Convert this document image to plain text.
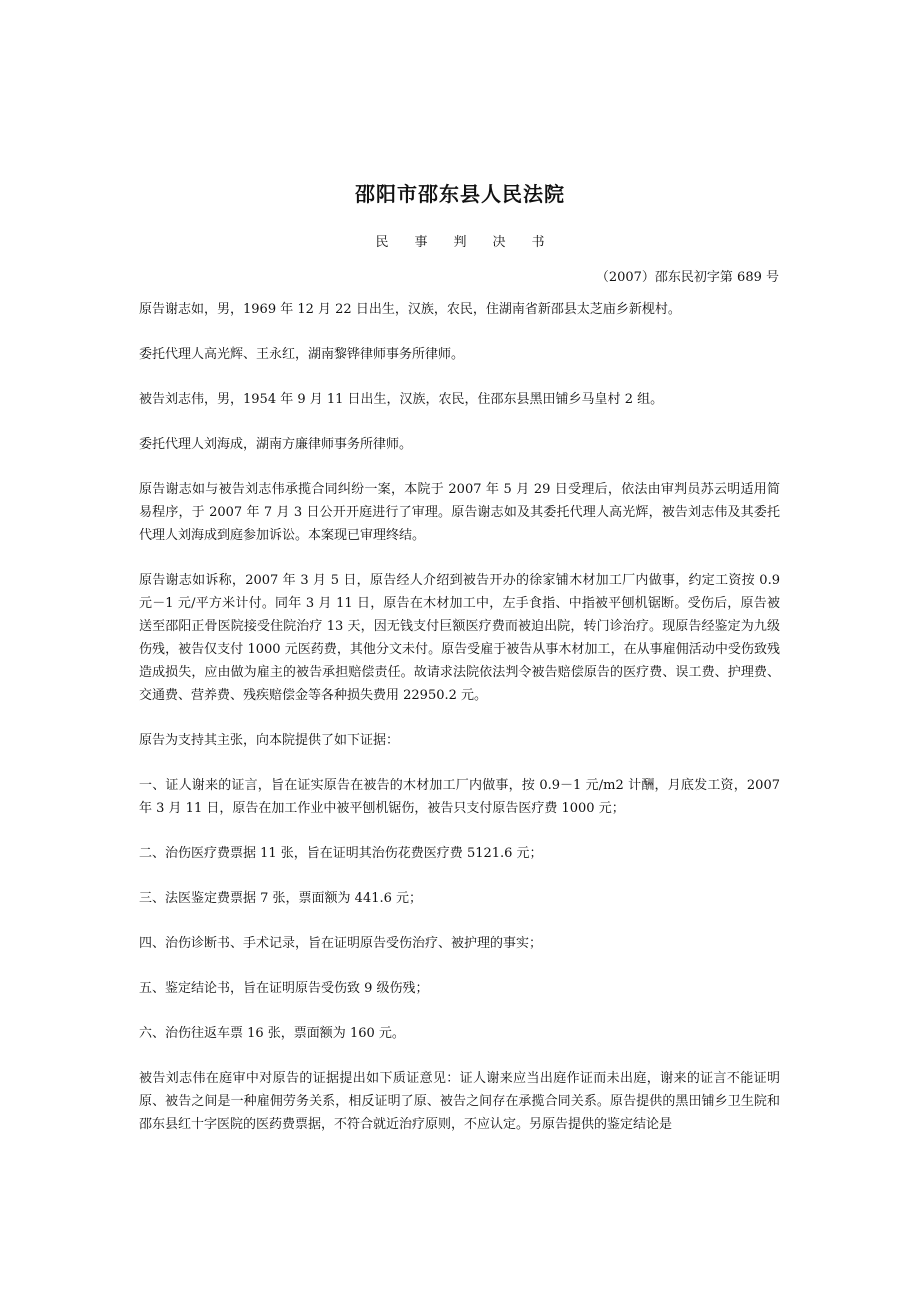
邵阳市邵东县人民法院
民　　事　　判　　决　　书
（2007）邵东民初字第 689 号

原告谢志如，男，1969 年 12 月 22 日出生，汉族，农民，住湖南省新邵县太芝庙乡新枧村。

委托代理人高光辉、王永红，湖南黎铧律师事务所律师。

被告刘志伟，男，1954 年 9 月 11 日出生，汉族，农民，住邵东县黑田铺乡马皇村 2 组。

委托代理人刘海成，湖南方廉律师事务所律师。

原告谢志如与被告刘志伟承揽合同纠纷一案，本院于 2007 年 5 月 29 日受理后，依法由审判员苏云明适用简易程序，于 2007 年 7 月 3 日公开开庭进行了审理。原告谢志如及其委托代理人高光辉，被告刘志伟及其委托代理人刘海成到庭参加诉讼。本案现已审理终结。

原告谢志如诉称，2007 年 3 月 5 日，原告经人介绍到被告开办的徐家铺木材加工厂内做事，约定工资按 0.9 元－1 元/平方米计付。同年 3 月 11 日，原告在木材加工中，左手食指、中指被平刨机锯断。受伤后，原告被送至邵阳正骨医院接受住院治疗 13 天，因无钱支付巨额医疗费而被迫出院，转门诊治疗。现原告经鉴定为九级伤残，被告仅支付 1000 元医药费，其他分文未付。原告受雇于被告从事木材加工，在从事雇佣活动中受伤致残造成损失，应由做为雇主的被告承担赔偿责任。故请求法院依法判令被告赔偿原告的医疗费、误工费、护理费、交通费、营养费、残疾赔偿金等各种损失费用 22950.2 元。

原告为支持其主张，向本院提供了如下证据：

一、证人谢来的证言，旨在证实原告在被告的木材加工厂内做事，按 0.9－1 元/m2 计酬，月底发工资，2007 年 3 月 11 日，原告在加工作业中被平刨机锯伤，被告只支付原告医疗费 1000 元；

二、治伤医疗费票据 11 张，旨在证明其治伤花费医疗费 5121.6 元；

三、法医鉴定费票据 7 张，票面额为 441.6 元；

四、治伤诊断书、手术记录，旨在证明原告受伤治疗、被护理的事实；

五、鉴定结论书，旨在证明原告受伤致 9 级伤残；

六、治伤往返车票 16 张，票面额为 160 元。

被告刘志伟在庭审中对原告的证据提出如下质证意见：证人谢来应当出庭作证而未出庭，谢来的证言不能证明原、被告之间是一种雇佣劳务关系，相反证明了原、被告之间存在承揽合同关系。原告提供的黑田铺乡卫生院和邵东县红十字医院的医药费票据，不符合就近治疗原则，不应认定。另原告提供的鉴定结论是
